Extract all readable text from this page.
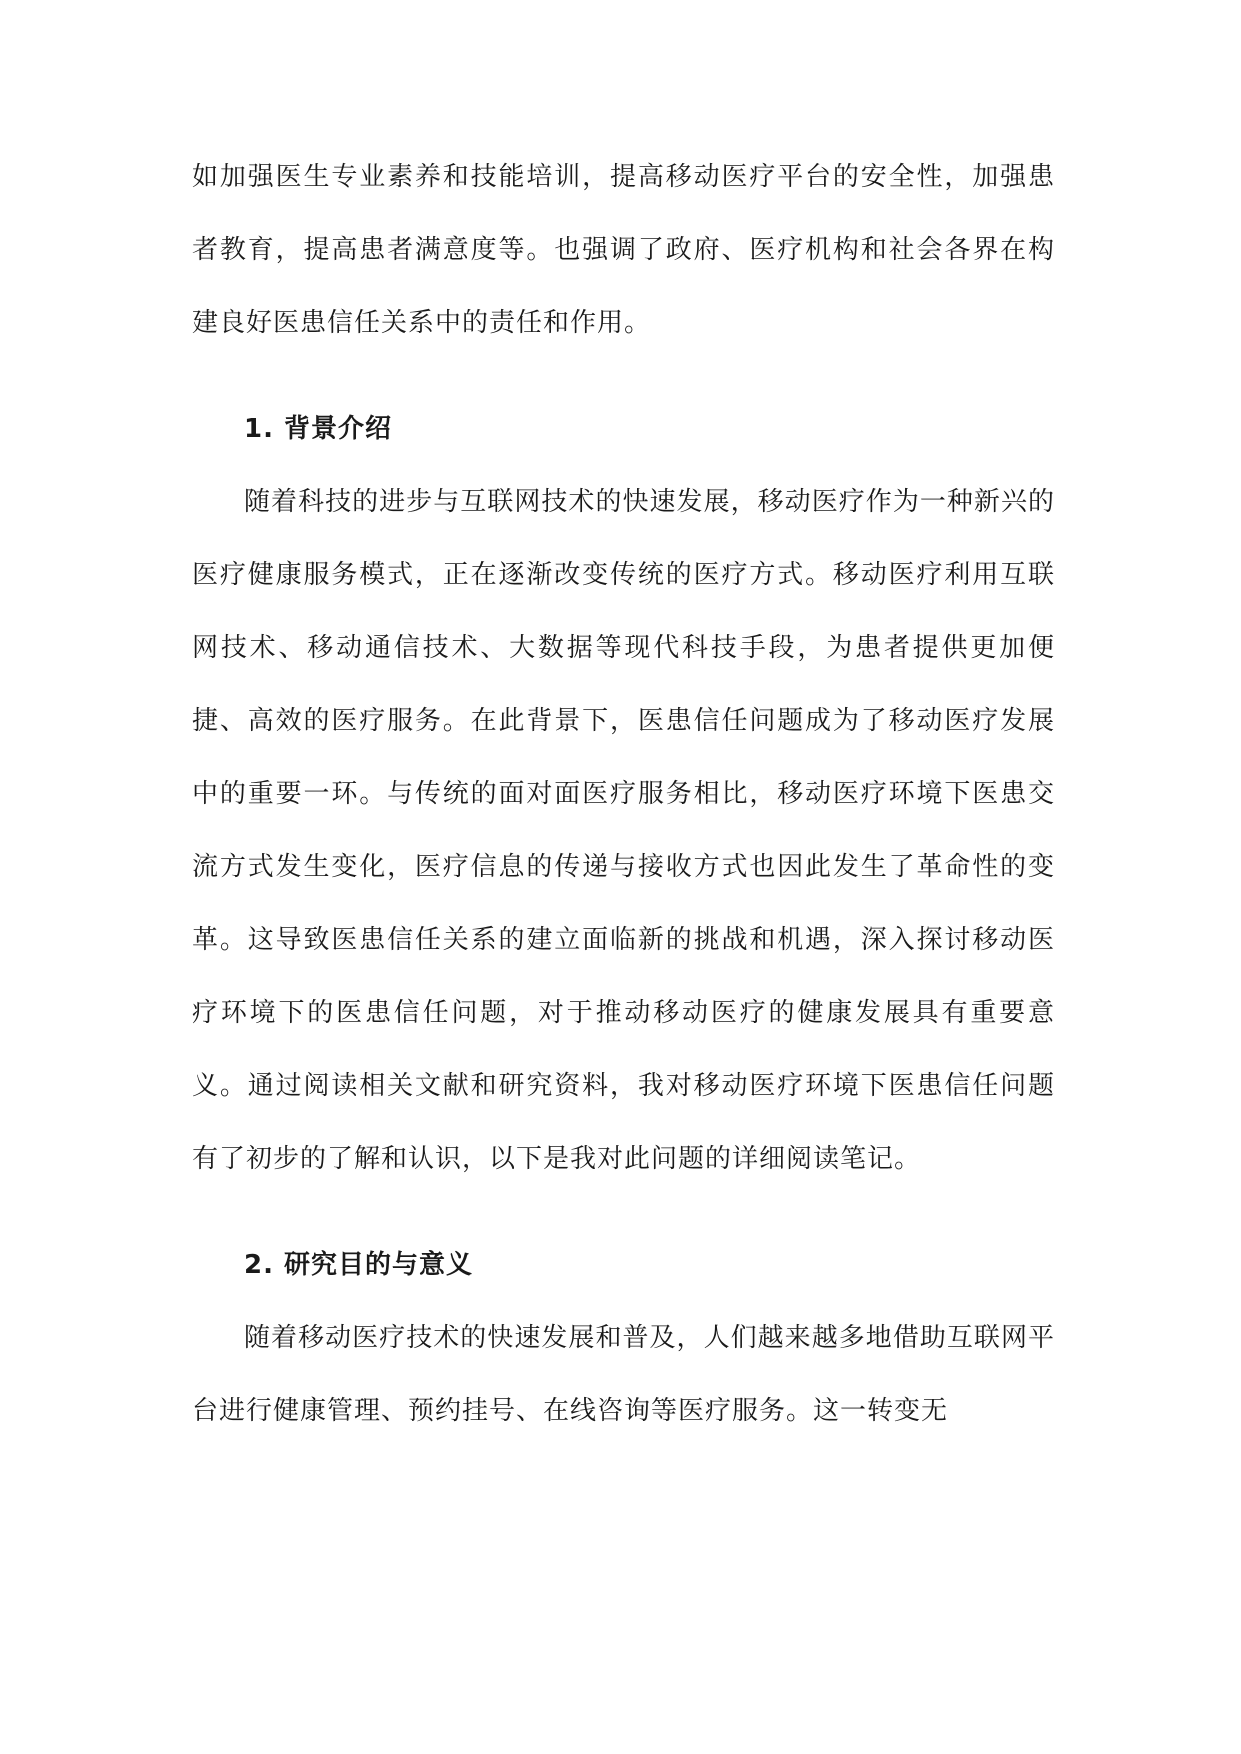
如加强医生专业素养和技能培训，提高移动医疗平台的安全性，加强患者教育，提高患者满意度等。也强调了政府、医疗机构和社会各界在构建良好医患信任关系中的责任和作用。

1. 背景介绍

随着科技的进步与互联网技术的快速发展，移动医疗作为一种新兴的医疗健康服务模式，正在逐渐改变传统的医疗方式。移动医疗利用互联网技术、移动通信技术、大数据等现代科技手段，为患者提供更加便捷、高效的医疗服务。在此背景下，医患信任问题成为了移动医疗发展中的重要一环。与传统的面对面医疗服务相比，移动医疗环境下医患交流方式发生变化，医疗信息的传递与接收方式也因此发生了革命性的变革。这导致医患信任关系的建立面临新的挑战和机遇，深入探讨移动医疗环境下的医患信任问题，对于推动移动医疗的健康发展具有重要意义。通过阅读相关文献和研究资料，我对移动医疗环境下医患信任问题有了初步的了解和认识，以下是我对此问题的详细阅读笔记。

2. 研究目的与意义

随着移动医疗技术的快速发展和普及，人们越来越多地借助互联网平台进行健康管理、预约挂号、在线咨询等医疗服务。这一转变无
